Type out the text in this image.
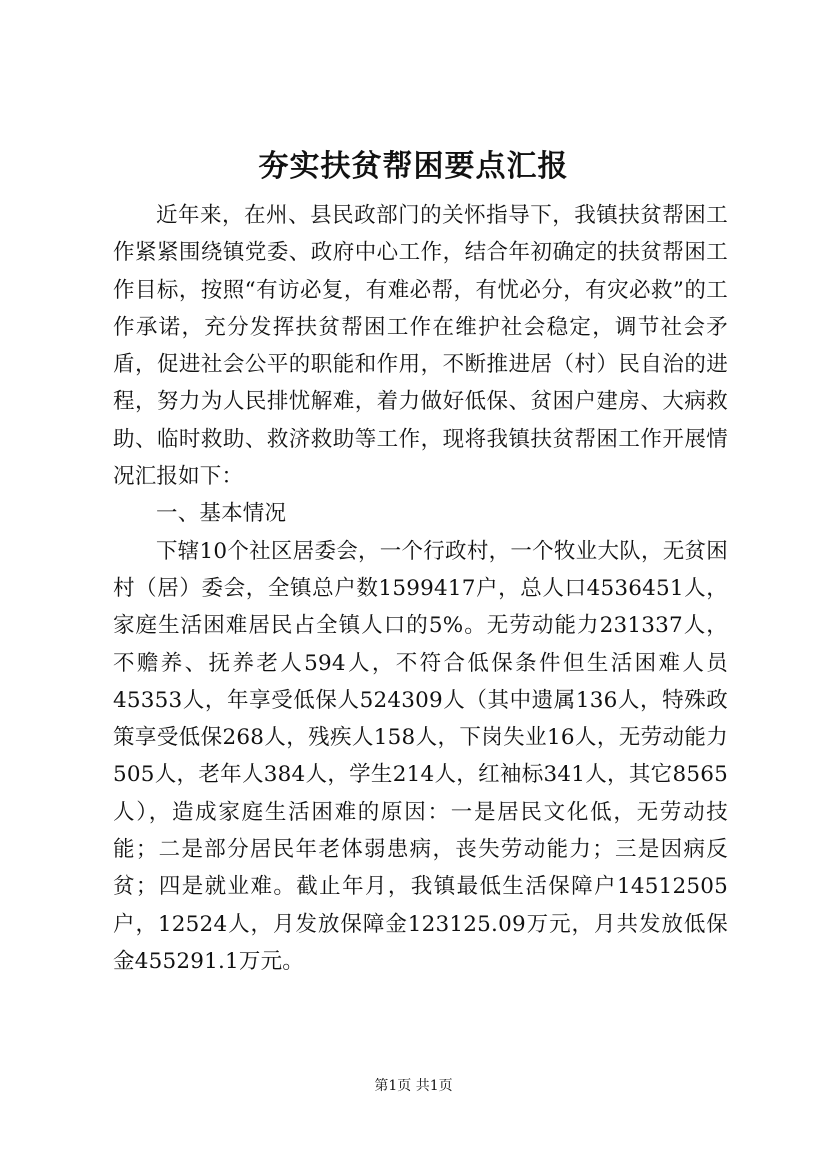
夯实扶贫帮困要点汇报

近年来，在州、县民政部门的关怀指导下，我镇扶贫帮困工作紧紧围绕镇党委、政府中心工作，结合年初确定的扶贫帮困工作目标，按照“有访必复，有难必帮，有忧必分，有灾必救”的工作承诺，充分发挥扶贫帮困工作在维护社会稳定，调节社会矛盾，促进社会公平的职能和作用，不断推进居（村）民自治的进程，努力为人民排忧解难，着力做好低保、贫困户建房、大病救助、临时救助、救济救助等工作，现将我镇扶贫帮困工作开展情况汇报如下：

一、基本情况

下辖10个社区居委会，一个行政村，一个牧业大队，无贫困村（居）委会，全镇总户数1599417户，总人口4536451人，家庭生活困难居民占全镇人口的5%。无劳动能力231337人，不赡养、抚养老人594人，不符合低保条件但生活困难人员45353人，年享受低保人524309人（其中遗属136人，特殊政策享受低保268人，残疾人158人，下岗失业16人，无劳动能力505人，老年人384人，学生214人，红袖标341人，其它8565人），造成家庭生活困难的原因：一是居民文化低，无劳动技能；二是部分居民年老体弱患病，丧失劳动能力；三是因病反贫；四是就业难。截止年月，我镇最低生活保障户14512505户，12524人，月发放保障金123125.09万元，月共发放低保金455291.1万元。

第1页 共1页
